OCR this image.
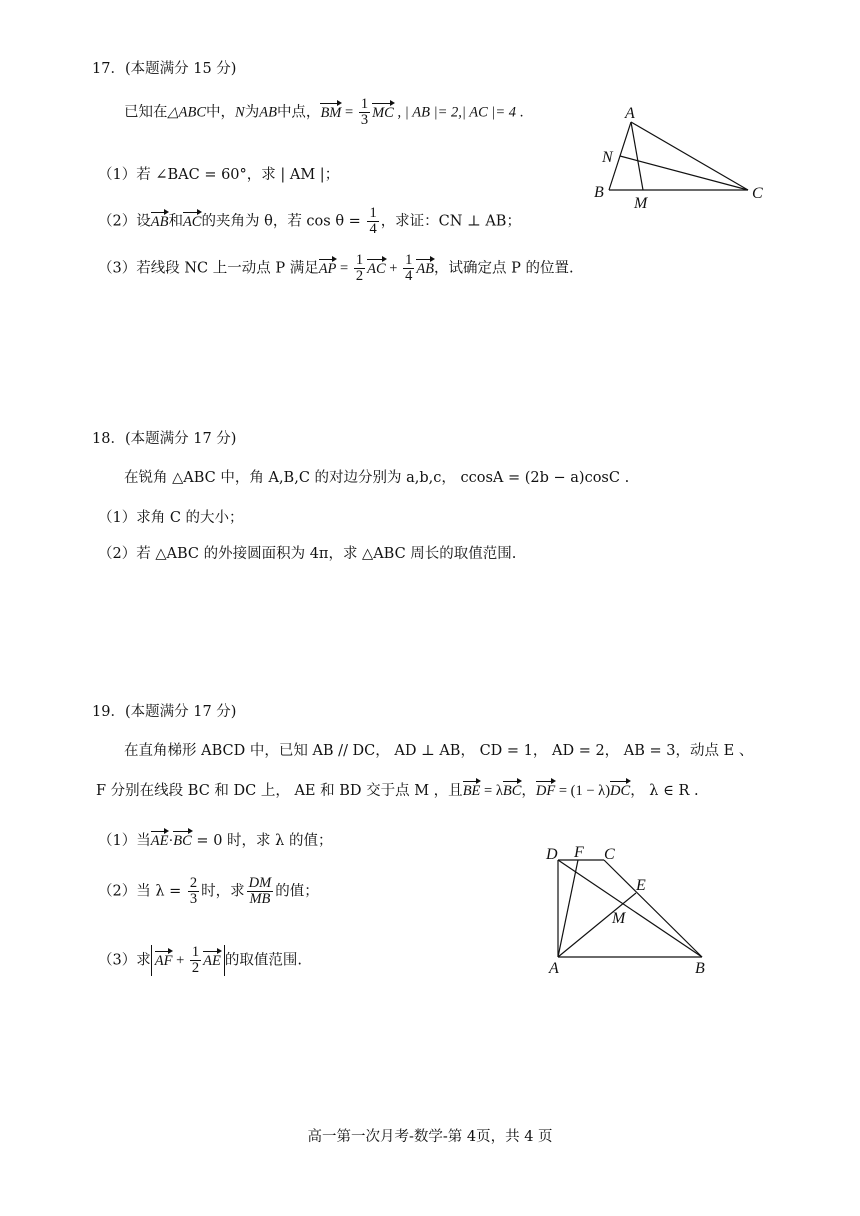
17．(本题满分 15 分)
已知在△ABC中，N为AB中点，BM = $\frac{1}{3}$ MC , | AB |= 2,| AC |= 4 .
（1）若 ∠BAC = 60°，求 | AM |；
（2）设AB和AC的夹角为 θ，若 $\cos \theta = \frac{1}{4}$ ，求证：CN ⊥ AB；
（3）若线段 NC 上一动点 P 满足AP = $\frac{1}{2}$ AC + $\frac{1}{4}$ AB，试确定点 P 的位置.
A
N
B
M
C
18．(本题满分 17 分)
在锐角 △ABC 中，角 A,B,C 的对边分别为 a,b,c， ccosA = (2b − a)cosC .
（1）求角 C 的大小；
（2）若 △ABC 的外接圆面积为 4π，求 △ABC 周长的取值范围.
19．(本题满分 17 分)
在直角梯形 ABCD 中，已知 AB // DC， AD ⊥ AB， CD = 1， AD = 2， AB = 3，动点 E 、
F 分别在线段 BC 和 DC 上， AE 和 BD 交于点 M ，且BE = λBC，DF = (1 − λ)DC， λ ∈ R .
（1）当AE·BC = 0 时，求 λ 的值；
（2）当 $\lambda = \frac{2}{3}$ 时，求 $\frac{DM}{MB}$ 的值；
（3）求 AF + $\frac{1}{2}$ AE 的取值范围.
D F C
E
M
A	B
高一第一次月考-数学-第 4页，共 4 页
